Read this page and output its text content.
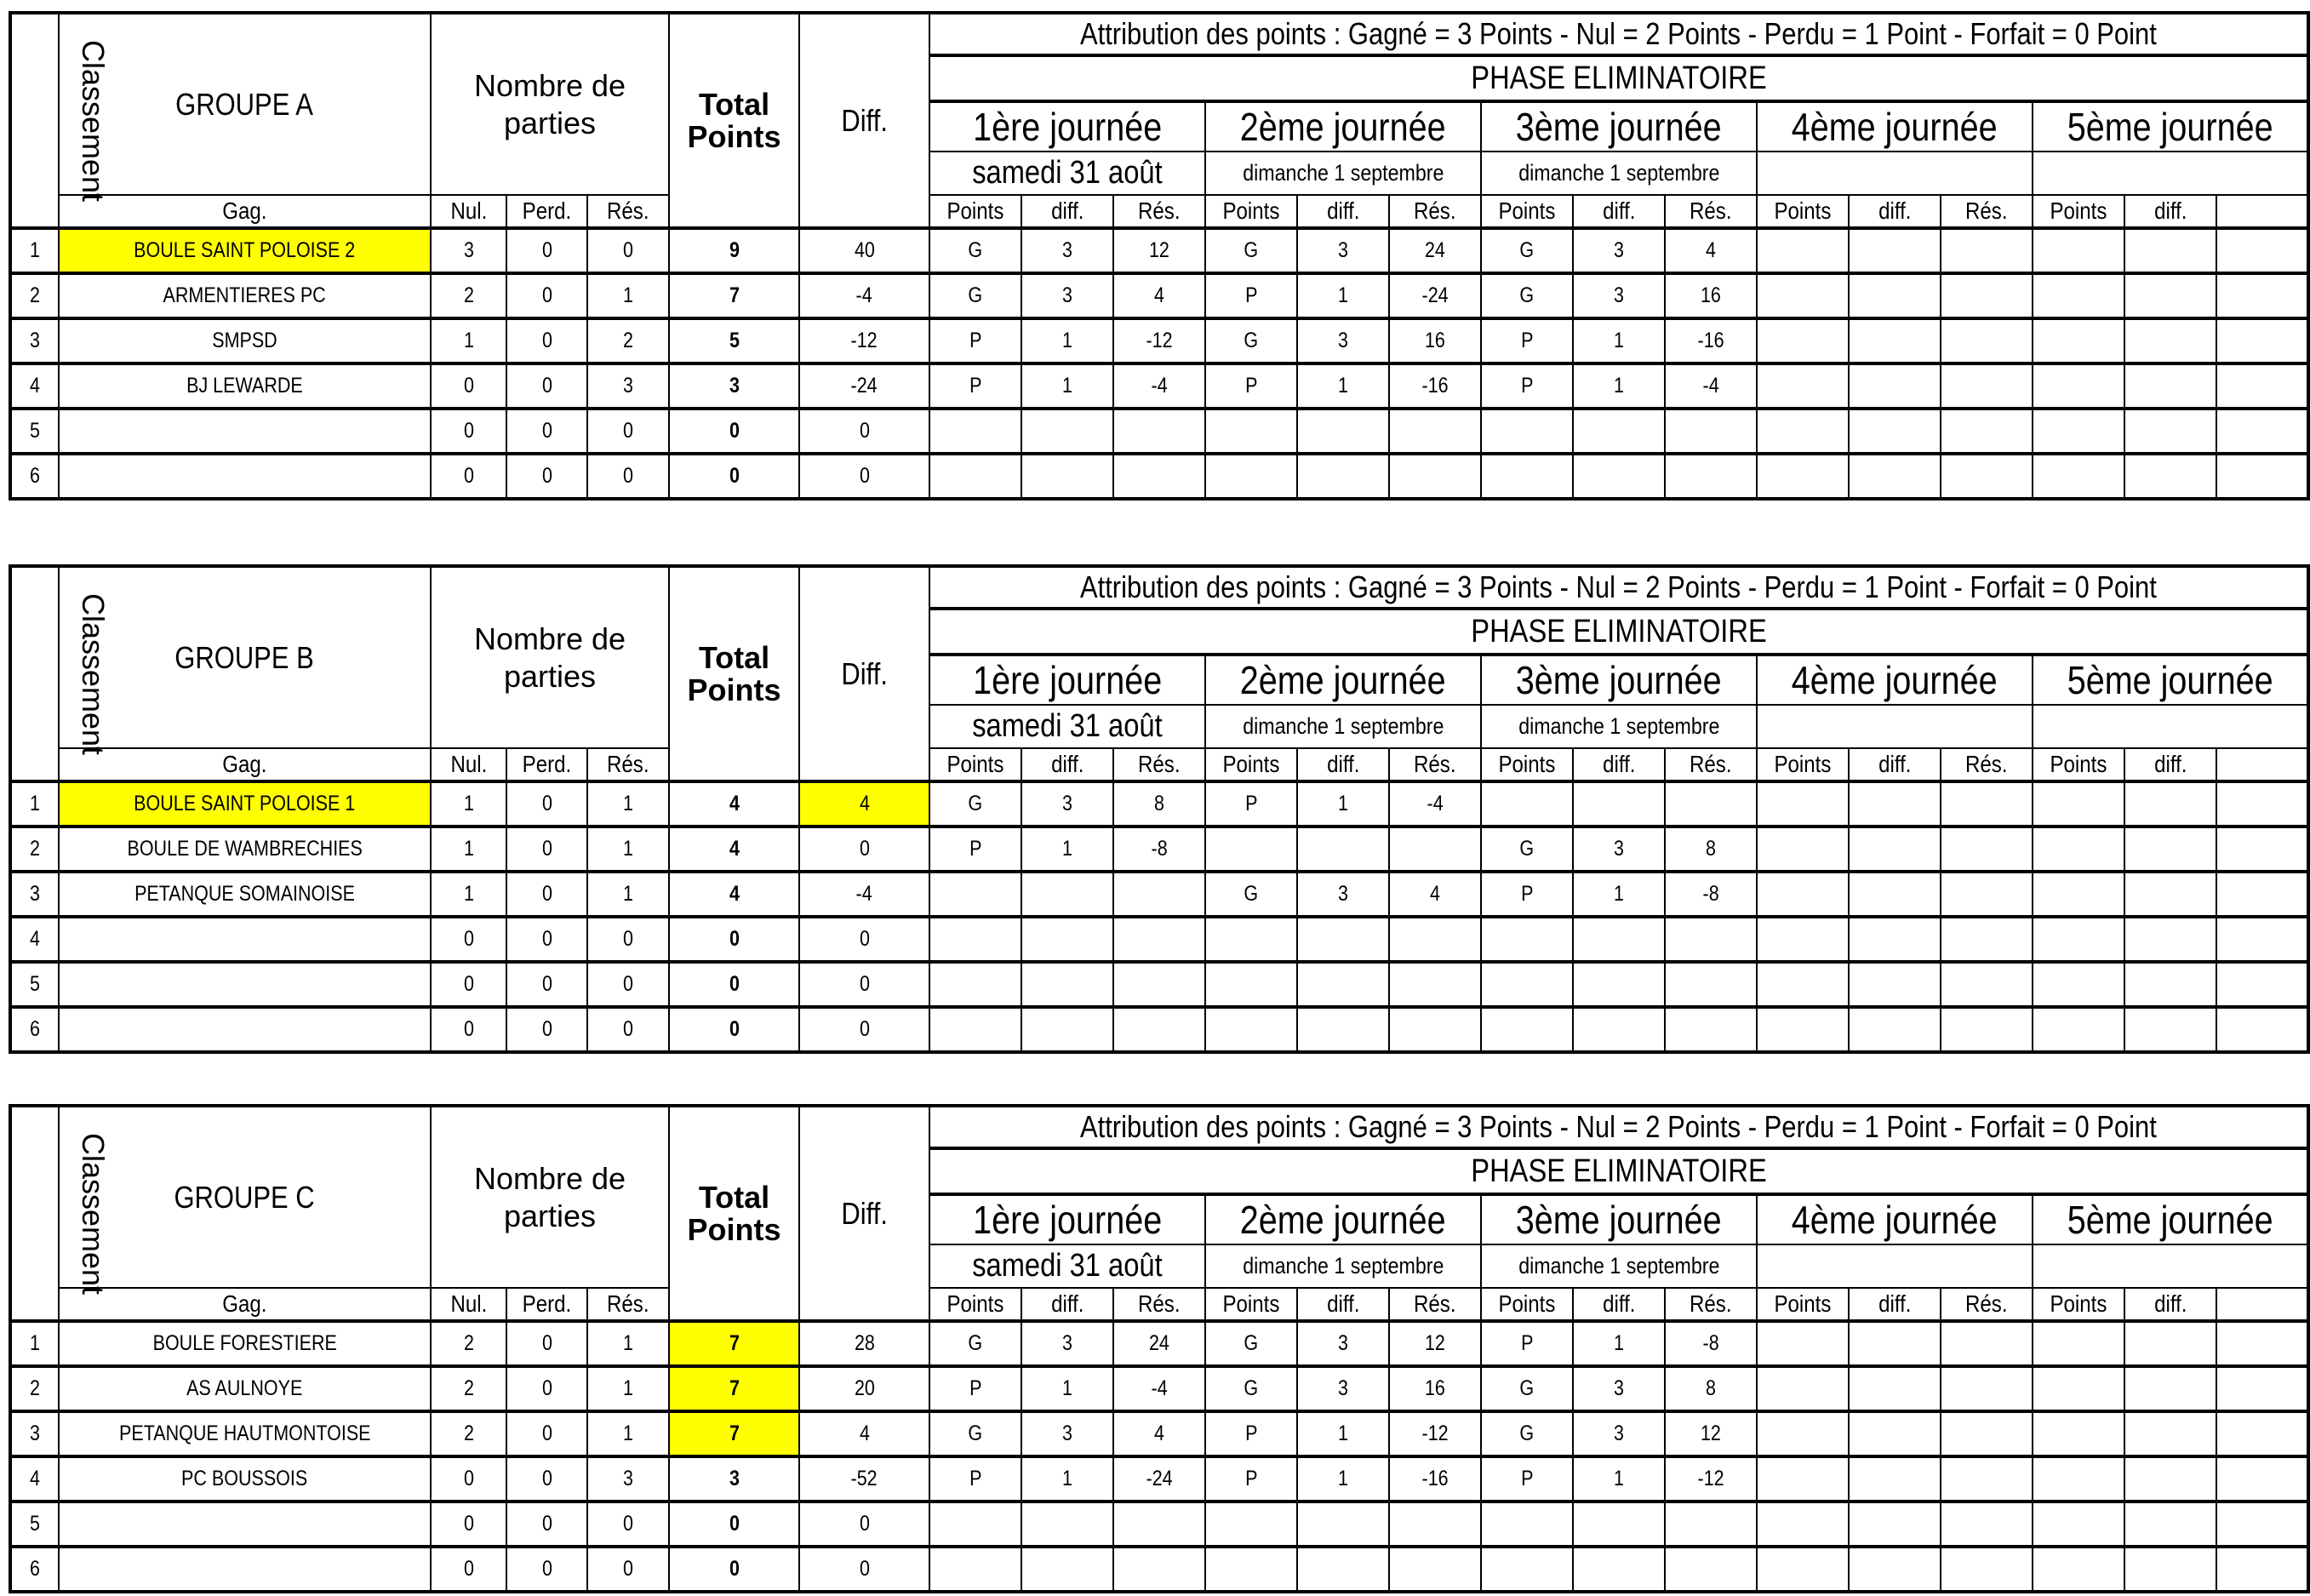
Classement	GROUPE A	Nombre de parties			Total Points	Diff.	Attribution des points : Gagné = 3 Points - Nul = 2 Points - Perdu = 1 Point - Forfait = 0 Point														
							PHASE ELIMINATOIRE														
							1ère journée			2ème journée			3ème journée			4ème journée			5ème journée		
							samedi 31 août			dimanche 1 septembre			dimanche 1 septembre								
	Gag.	Nul.	Perd.	Rés.			Points	diff.	Rés.	Points	diff.	Rés.	Points	diff.	Rés.	Points	diff.	Rés.	Points	diff.	
1	BOULE SAINT POLOISE 2	3	0	0	9	40	G	3	12	G	3	24	G	3	4						
2	ARMENTIERES PC	2	0	1	7	-4	G	3	4	P	1	-24	G	3	16						
3	SMPSD	1	0	2	5	-12	P	1	-12	G	3	16	P	1	-16						
4	BJ LEWARDE	0	0	3	3	-24	P	1	-4	P	1	-16	P	1	-4						
5		0	0	0	0	0															
6		0	0	0	0	0															
Classement	GROUPE B	Nombre de parties			Total Points	Diff.	Attribution des points : Gagné = 3 Points - Nul = 2 Points - Perdu = 1 Point - Forfait = 0 Point														
							PHASE ELIMINATOIRE														
							1ère journée			2ème journée			3ème journée			4ème journée			5ème journée		
							samedi 31 août			dimanche 1 septembre			dimanche 1 septembre								
	Gag.	Nul.	Perd.	Rés.			Points	diff.	Rés.	Points	diff.	Rés.	Points	diff.	Rés.	Points	diff.	Rés.	Points	diff.	
1	BOULE SAINT POLOISE 1	1	0	1	4	4	G	3	8	P	1	-4									
2	BOULE DE WAMBRECHIES	1	0	1	4	0	P	1	-8				G	3	8						
3	PETANQUE SOMAINOISE	1	0	1	4	-4				G	3	4	P	1	-8						
4		0	0	0	0	0															
5		0	0	0	0	0															
6		0	0	0	0	0															
Classement	GROUPE C	Nombre de parties			Total Points	Diff.	Attribution des points : Gagné = 3 Points - Nul = 2 Points - Perdu = 1 Point - Forfait = 0 Point														
							PHASE ELIMINATOIRE														
							1ère journée			2ème journée			3ème journée			4ème journée			5ème journée		
							samedi 31 août			dimanche 1 septembre			dimanche 1 septembre								
	Gag.	Nul.	Perd.	Rés.			Points	diff.	Rés.	Points	diff.	Rés.	Points	diff.	Rés.	Points	diff.	Rés.	Points	diff.	
1	BOULE FORESTIERE	2	0	1	7	28	G	3	24	G	3	12	P	1	-8						
2	AS AULNOYE	2	0	1	7	20	P	1	-4	G	3	16	G	3	8						
3	PETANQUE HAUTMONTOISE	2	0	1	7	4	G	3	4	P	1	-12	G	3	12						
4	PC BOUSSOIS	0	0	3	3	-52	P	1	-24	P	1	-16	P	1	-12						
5		0	0	0	0	0															
6		0	0	0	0	0															
